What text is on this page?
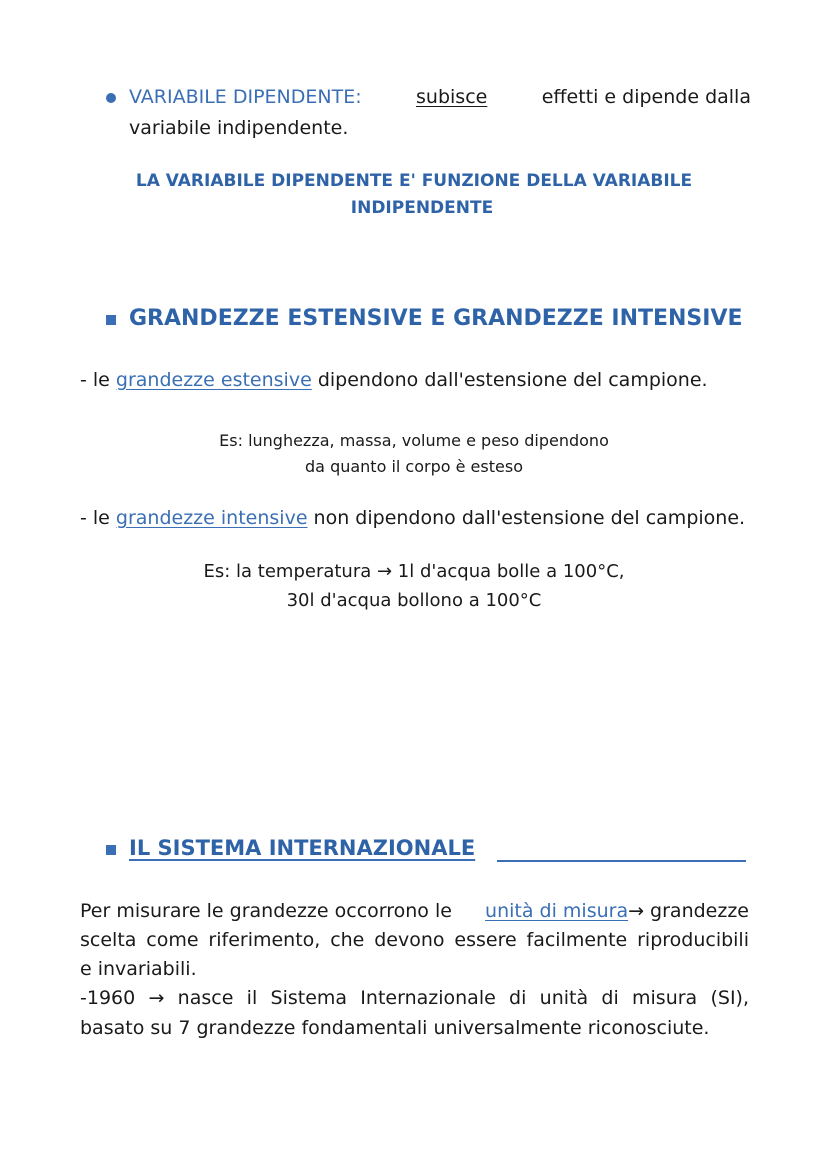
VARIABILE DIPENDENTE:	subisce	effetti e dipende dalla
variabile indipendente.
LA VARIABILE DIPENDENTE E' FUNZIONE DELLA VARIABILE
INDIPENDENTE
GRANDEZZE ESTENSIVE E GRANDEZZE INTENSIVE
- le grandezze estensive dipendono dall'estensione del campione.
Es: lunghezza, massa, volume e peso dipendono
da quanto il corpo è esteso
- le grandezze intensive non dipendono dall'estensione del campione.
Es: la temperatura → 1l d'acqua bolle a 100°C,
30l d'acqua bollono a 100°C
IL SISTEMA INTERNAZIONALE
Per misurare le grandezze occorrono le unità di misura→ grandezze
scelta come riferimento, che devono essere facilmente riproducibili
e invariabili.
-1960 → nasce il Sistema Internazionale di unità di misura (SI),
basato su 7 grandezze fondamentali universalmente riconosciute.
